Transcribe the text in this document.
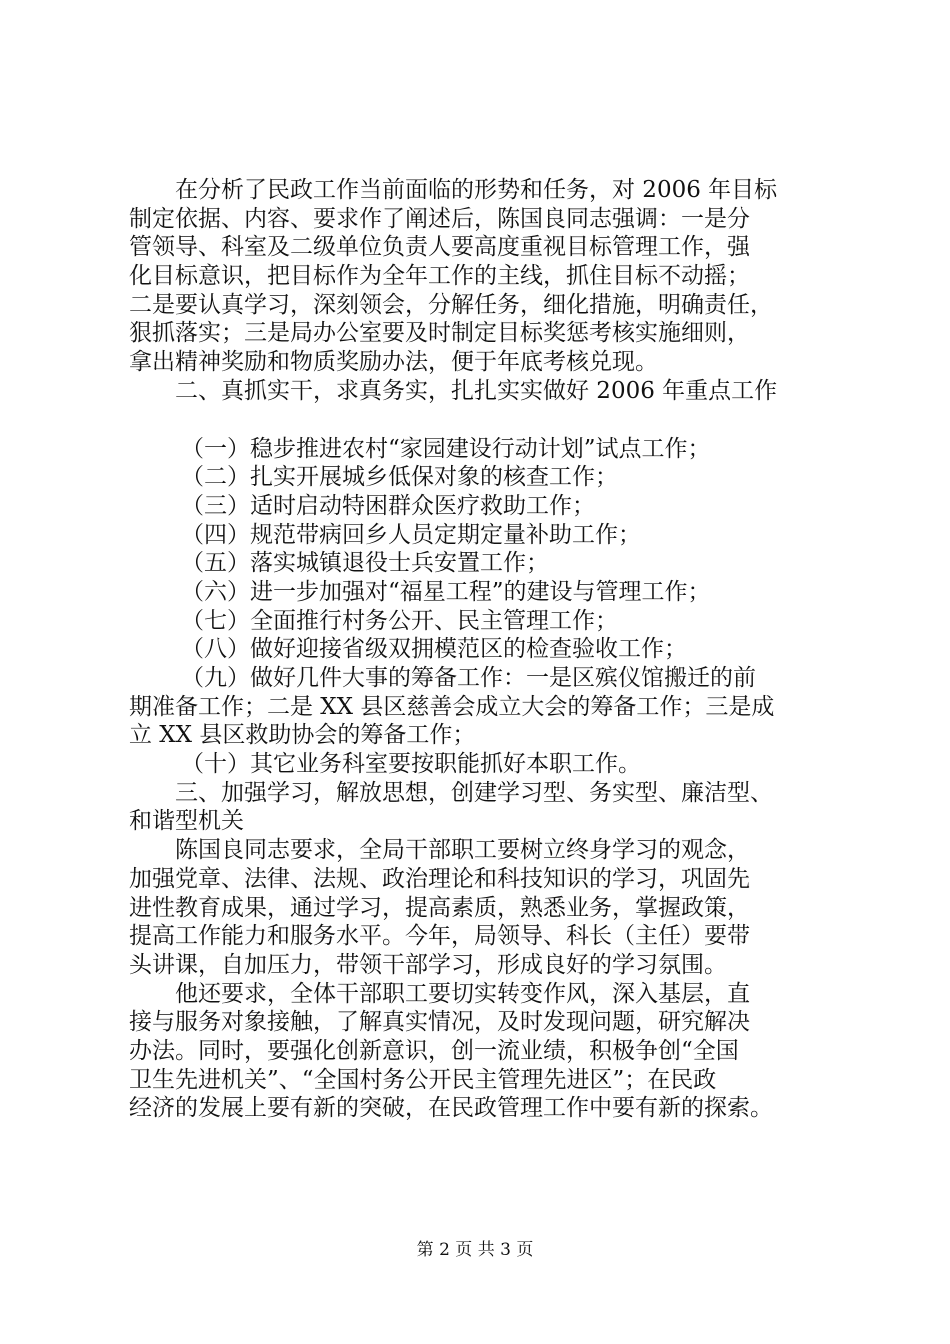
在分析了民政工作当前面临的形势和任务，对 2006 年目标
制定依据、内容、要求作了阐述后，陈国良同志强调：一是分
管领导、科室及二级单位负责人要高度重视目标管理工作，强
化目标意识，把目标作为全年工作的主线，抓住目标不动摇；
二是要认真学习，深刻领会，分解任务，细化措施，明确责任，
狠抓落实；三是局办公室要及时制定目标奖惩考核实施细则，
拿出精神奖励和物质奖励办法，便于年底考核兑现。
二、真抓实干，求真务实，扎扎实实做好 2006 年重点工作
（一）稳步推进农村“家园建设行动计划”试点工作；
（二）扎实开展城乡低保对象的核查工作；
（三）适时启动特困群众医疗救助工作；
（四）规范带病回乡人员定期定量补助工作；
（五）落实城镇退役士兵安置工作；
（六）进一步加强对“福星工程”的建设与管理工作；
（七）全面推行村务公开、民主管理工作；
（八）做好迎接省级双拥模范区的检查验收工作；
（九）做好几件大事的筹备工作：一是区殡仪馆搬迁的前
期准备工作；二是 XX 县区慈善会成立大会的筹备工作；三是成
立 XX 县区救助协会的筹备工作；
（十）其它业务科室要按职能抓好本职工作。
三、加强学习，解放思想，创建学习型、务实型、廉洁型、
和谐型机关
陈国良同志要求，全局干部职工要树立终身学习的观念，
加强党章、法律、法规、政治理论和科技知识的学习，巩固先
进性教育成果，通过学习，提高素质，熟悉业务，掌握政策，
提高工作能力和服务水平。今年，局领导、科长（主任）要带
头讲课，自加压力，带领干部学习，形成良好的学习氛围。
他还要求，全体干部职工要切实转变作风，深入基层，直
接与服务对象接触，了解真实情况，及时发现问题，研究解决
办法。同时，要强化创新意识，创一流业绩，积极争创“全国
卫生先进机关”、“全国村务公开民主管理先进区”；在民政
经济的发展上要有新的突破，在民政管理工作中要有新的探索。
第 2 页 共 3 页
